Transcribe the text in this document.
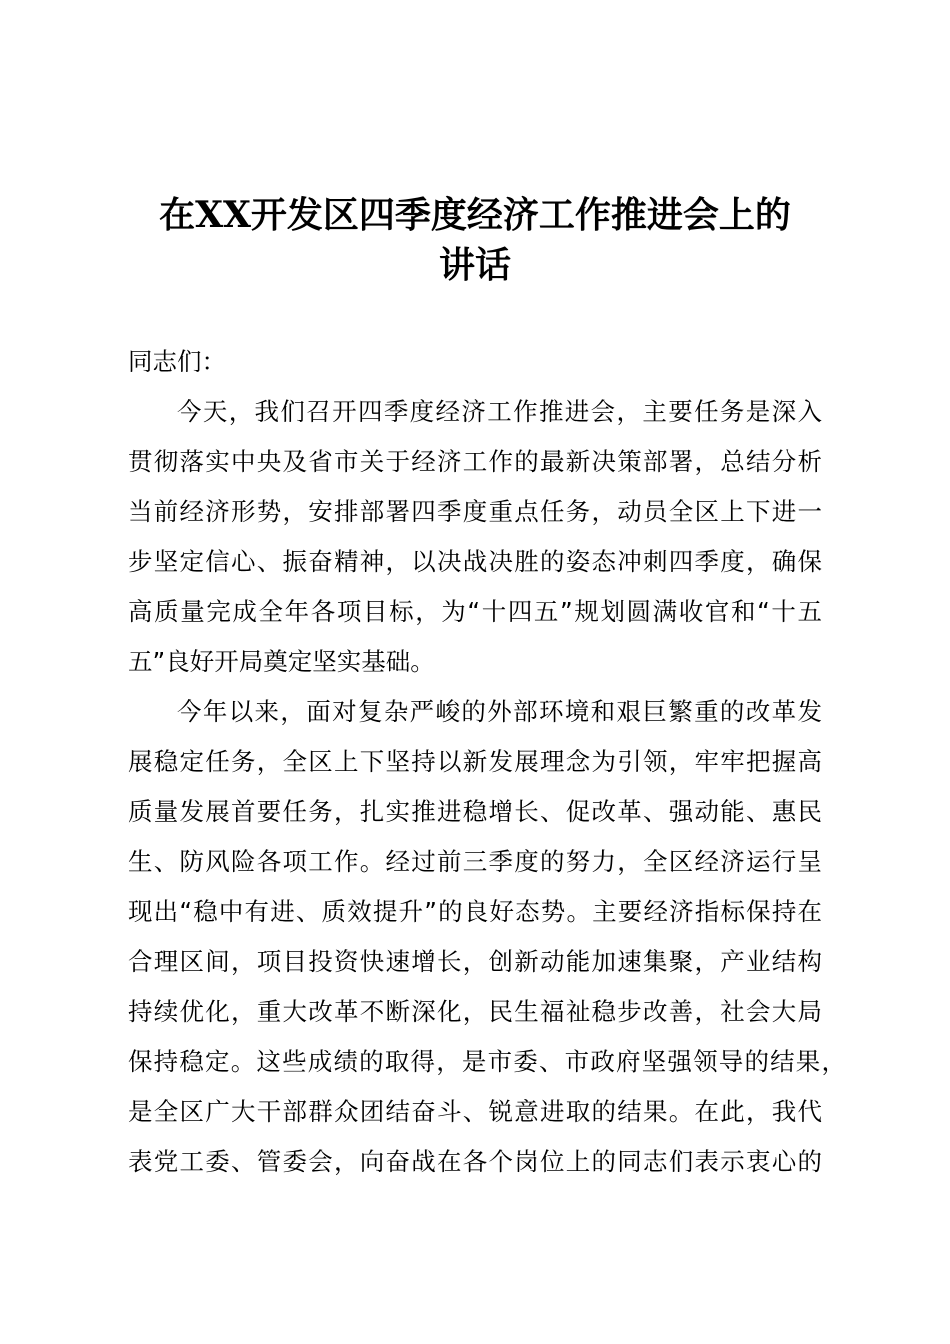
在XX开发区四季度经济工作推进会上的
讲话
同志们：
今天，我们召开四季度经济工作推进会，主要任务是深入
贯彻落实中央及省市关于经济工作的最新决策部署，总结分析
当前经济形势，安排部署四季度重点任务，动员全区上下进一
步坚定信心、振奋精神，以决战决胜的姿态冲刺四季度，确保
高质量完成全年各项目标，为“十四五”规划圆满收官和“十五
五”良好开局奠定坚实基础。
今年以来，面对复杂严峻的外部环境和艰巨繁重的改革发
展稳定任务，全区上下坚持以新发展理念为引领，牢牢把握高
质量发展首要任务，扎实推进稳增长、促改革、强动能、惠民
生、防风险各项工作。经过前三季度的努力，全区经济运行呈
现出“稳中有进、质效提升”的良好态势。主要经济指标保持在
合理区间，项目投资快速增长，创新动能加速集聚，产业结构
持续优化，重大改革不断深化，民生福祉稳步改善，社会大局
保持稳定。这些成绩的取得，是市委、市政府坚强领导的结果，
是全区广大干部群众团结奋斗、锐意进取的结果。在此，我代
表党工委、管委会，向奋战在各个岗位上的同志们表示衷心的
